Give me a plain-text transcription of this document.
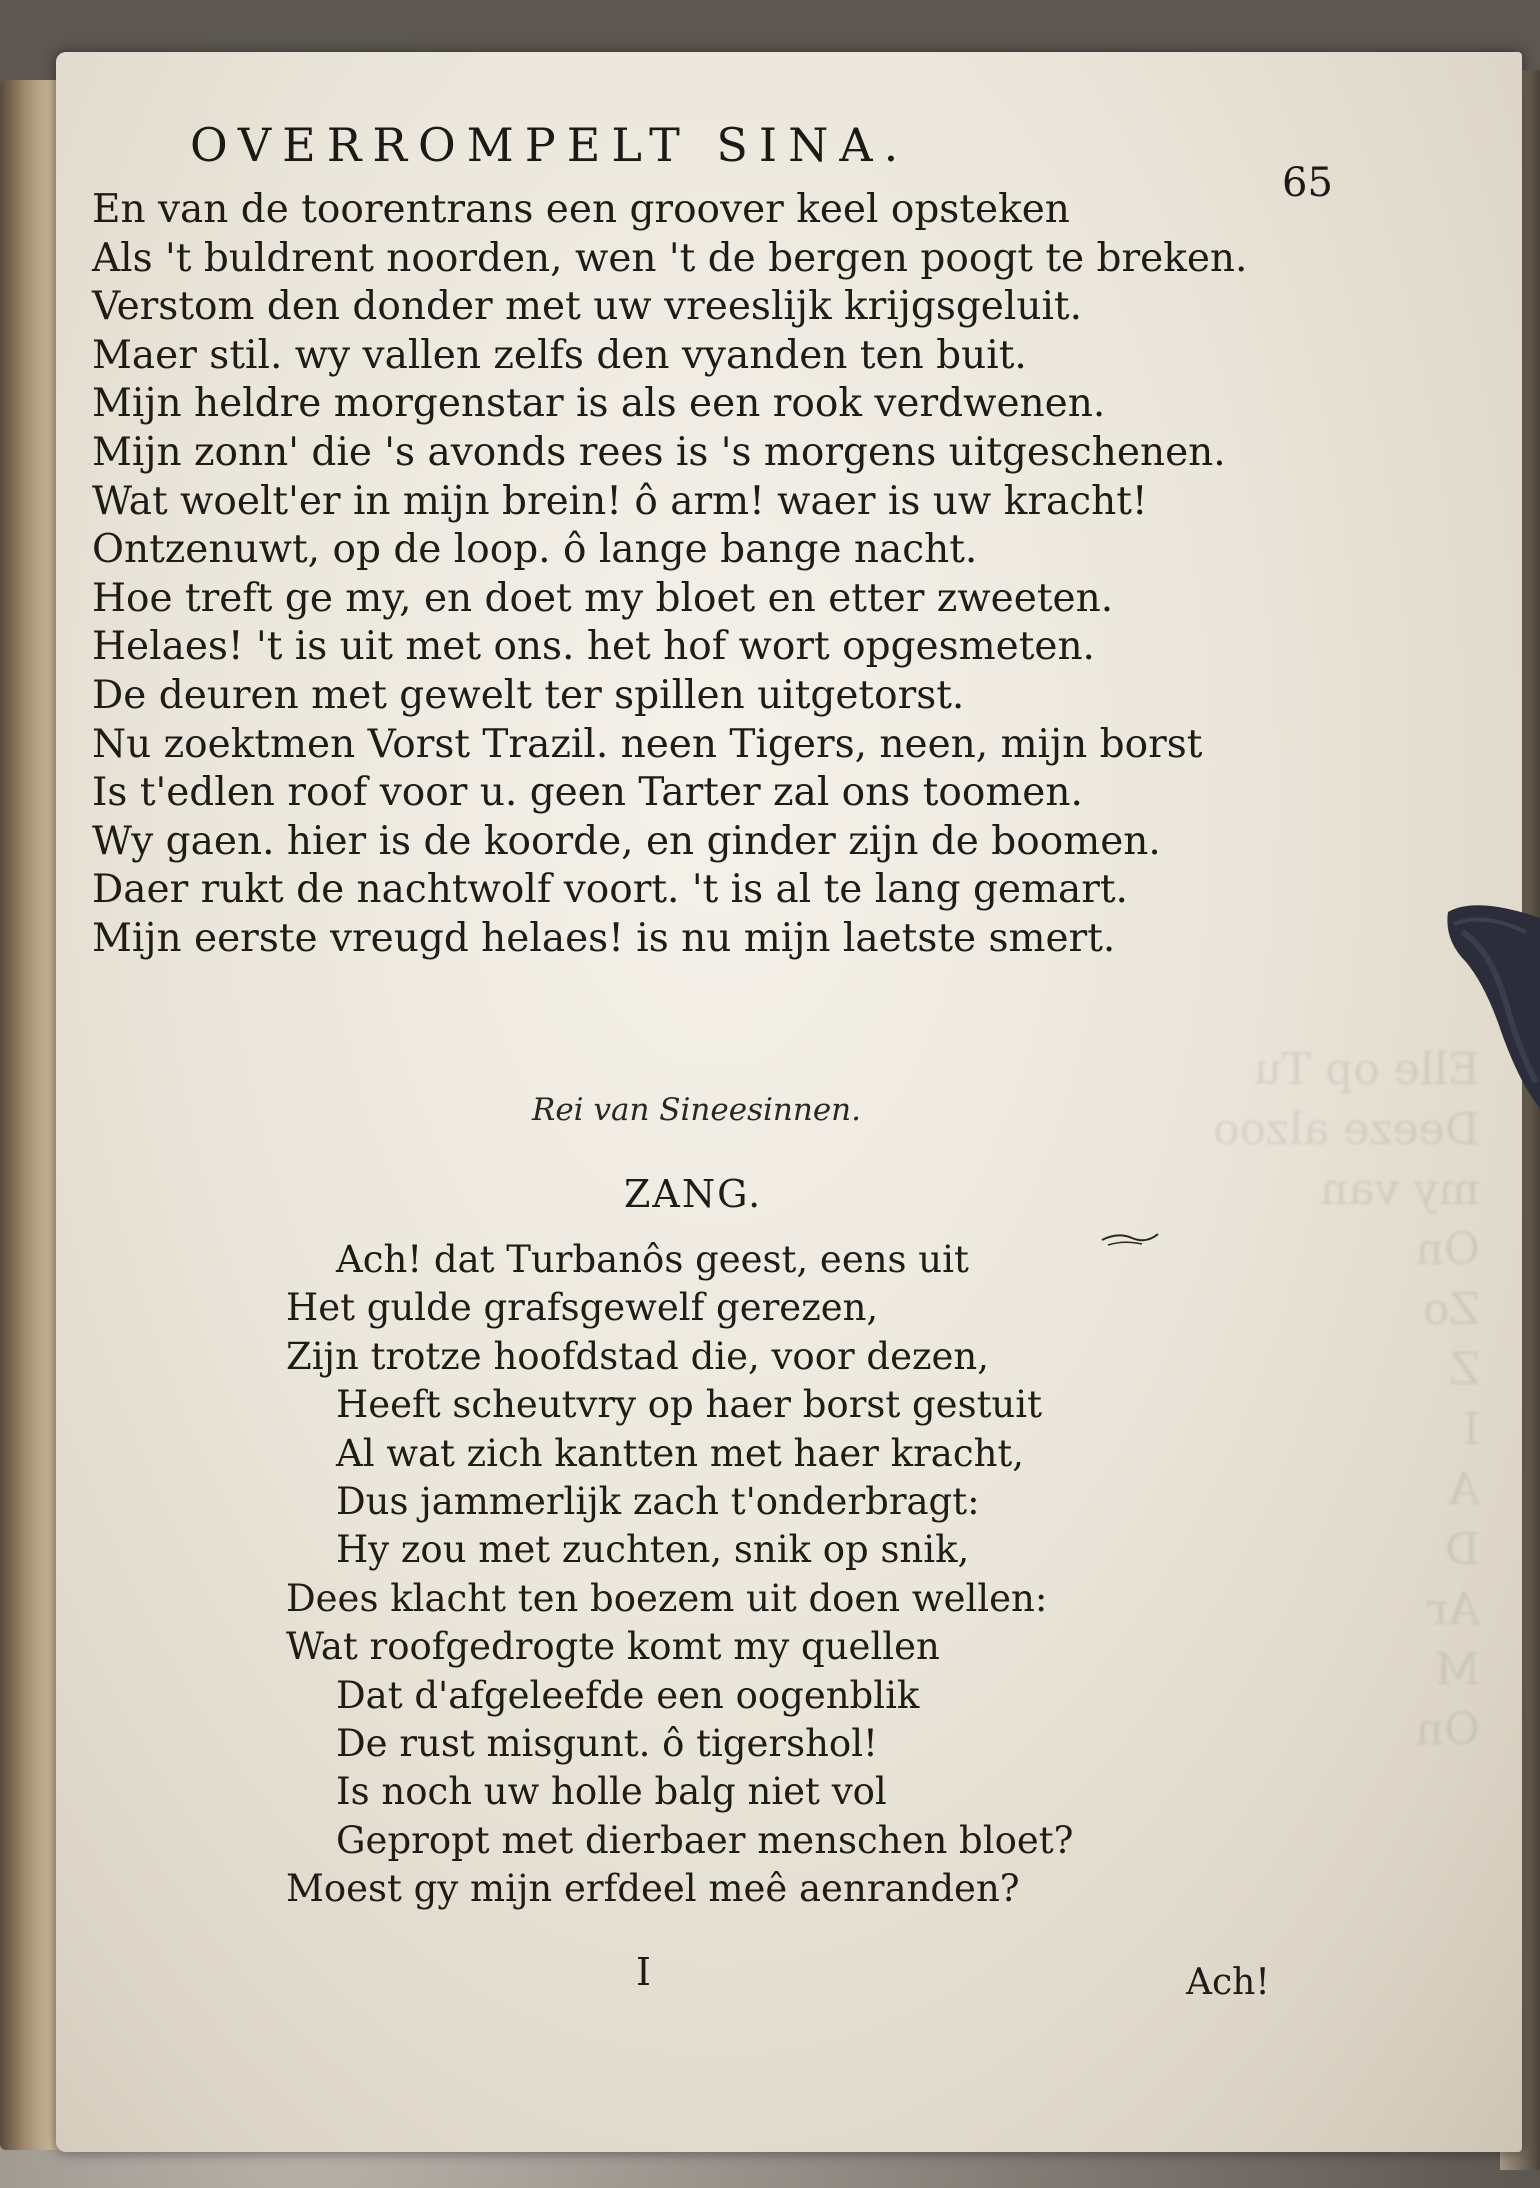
Elle op Tu
Deeze alzoo
my van
On
Zo
Z
I
A
D
Ar
M
On
OVERROMPELT SINA.
65
En van de toorentrans een groover keel opsteken
Als 't buldrent noorden, wen 't de bergen poogt te breken.
Verstom den donder met uw vreeslijk krijgsgeluit.
Maer stil. wy vallen zelfs den vyanden ten buit.
Mijn heldre morgenstar is als een rook verdwenen.
Mijn zonn' die 's avonds rees is 's morgens uitgeschenen.
Wat woelt'er in mijn brein! ô arm! waer is uw kracht!
Ontzenuwt, op de loop. ô lange bange nacht.
Hoe treft ge my, en doet my bloet en etter zweeten.
Helaes! 't is uit met ons. het hof wort opgesmeten.
De deuren met gewelt ter spillen uitgetorst.
Nu zoektmen Vorst Trazil. neen Tigers, neen, mijn borst
Is t'edlen roof voor u. geen Tarter zal ons toomen.
Wy gaen. hier is de koorde, en ginder zijn de boomen.
Daer rukt de nachtwolf voort. 't is al te lang gemart.
Mijn eerste vreugd helaes! is nu mijn laetste smert.
Rei van Sineesinnen.
ZANG.
Ach! dat Turbanôs geest, eens uit
Het gulde grafsgewelf gerezen,
Zijn trotze hoofdstad die, voor dezen,
Heeft scheutvry op haer borst gestuit
Al wat zich kantten met haer kracht,
Dus jammerlijk zach t'onderbragt:
Hy zou met zuchten, snik op snik,
Dees klacht ten boezem uit doen wellen:
Wat roofgedrogte komt my quellen
Dat d'afgeleefde een oogenblik
De rust misgunt. ô tigershol!
Is noch uw holle balg niet vol
Gepropt met dierbaer menschen bloet?
Moest gy mijn erfdeel meê aenranden?
I	Ach!
